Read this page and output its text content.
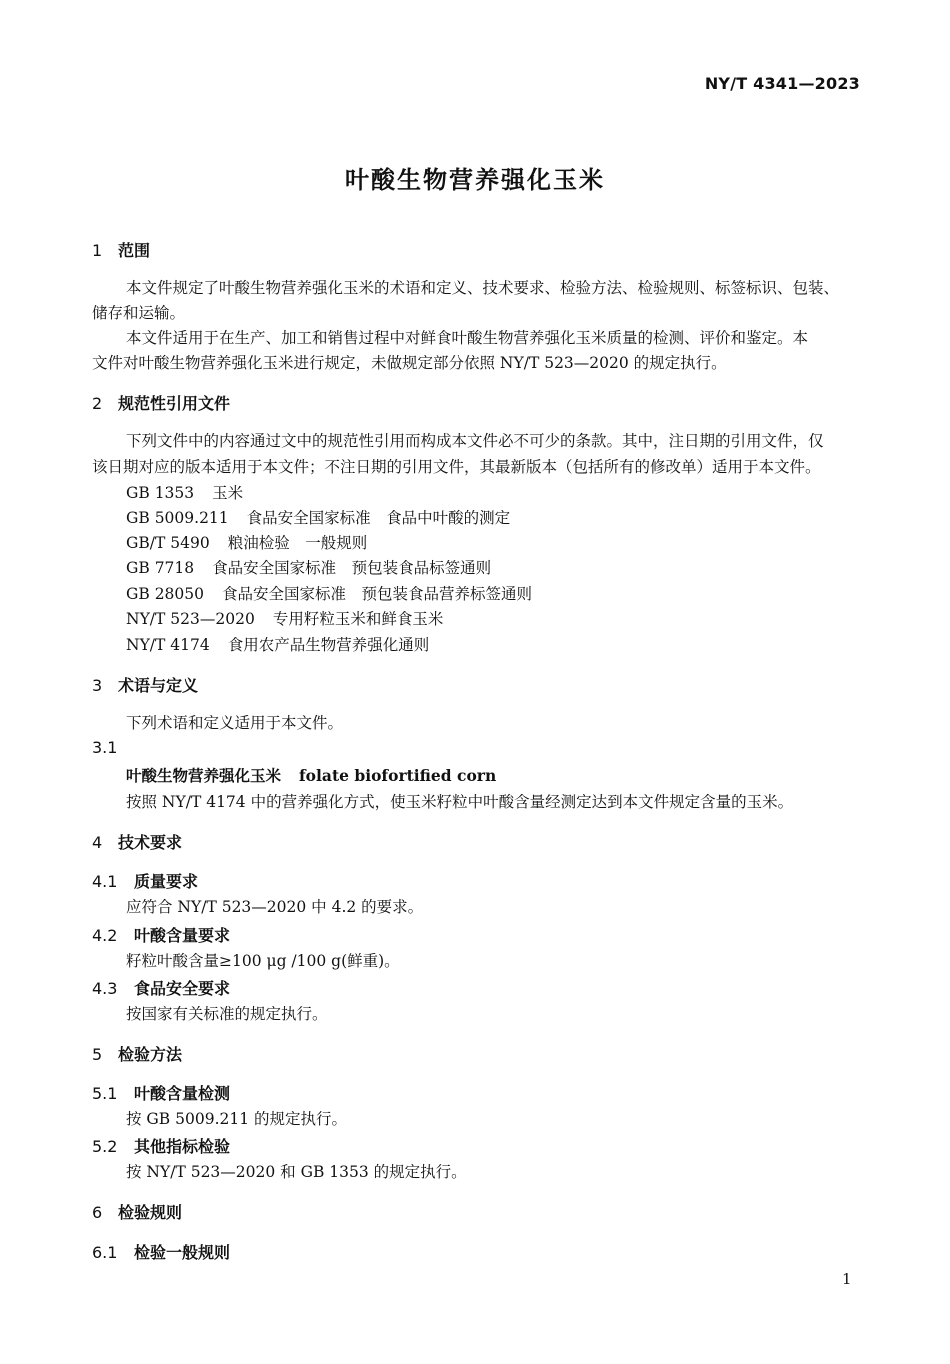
NY/T 4341—2023
叶酸生物营养强化玉米
1 范围
本文件规定了叶酸生物营养强化玉米的术语和定义、技术要求、检验方法、检验规则、标签标识、包装、
储存和运输。
本文件适用于在生产、加工和销售过程中对鲜食叶酸生物营养强化玉米质量的检测、评价和鉴定。本
文件对叶酸生物营养强化玉米进行规定，未做规定部分依照 NY/T 523—2020 的规定执行。
2 规范性引用文件
下列文件中的内容通过文中的规范性引用而构成本文件必不可少的条款。其中，注日期的引用文件，仅
该日期对应的版本适用于本文件；不注日期的引用文件，其最新版本（包括所有的修改单）适用于本文件。
GB 1353 玉米
GB 5009.211 食品安全国家标准　食品中叶酸的测定
GB/T 5490 粮油检验　一般规则
GB 7718 食品安全国家标准　预包装食品标签通则
GB 28050 食品安全国家标准　预包装食品营养标签通则
NY/T 523—2020 专用籽粒玉米和鲜食玉米
NY/T 4174 食用农产品生物营养强化通则
3 术语与定义
下列术语和定义适用于本文件。
3.1
叶酸生物营养强化玉米 folate biofortified corn
按照 NY/T 4174 中的营养强化方式，使玉米籽粒中叶酸含量经测定达到本文件规定含量的玉米。
4 技术要求
4.1 质量要求
应符合 NY/T 523—2020 中 4.2 的要求。
4.2 叶酸含量要求
籽粒叶酸含量≥100 μg /100 g(鲜重)。
4.3 食品安全要求
按国家有关标准的规定执行。
5 检验方法
5.1 叶酸含量检测
按 GB 5009.211 的规定执行。
5.2 其他指标检验
按 NY/T 523—2020 和 GB 1353 的规定执行。
6 检验规则
6.1 检验一般规则
1
